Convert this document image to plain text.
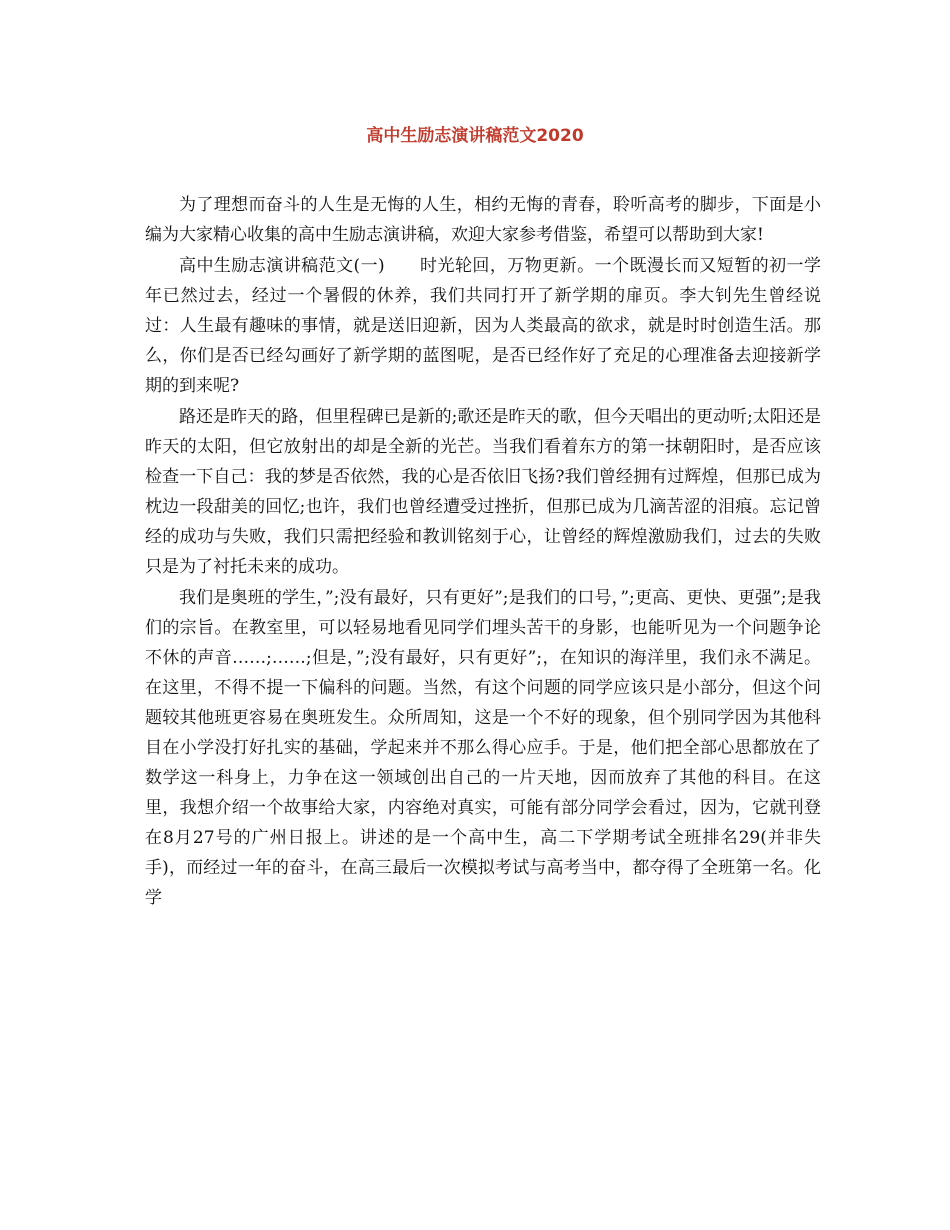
高中生励志演讲稿范文2020

为了理想而奋斗的人生是无悔的人生，相约无悔的青春，聆听高考的脚步，下面是小编为大家精心收集的高中生励志演讲稿，欢迎大家参考借鉴，希望可以帮助到大家!

高中生励志演讲稿范文(一)　　时光轮回，万物更新。一个既漫长而又短暂的初一学年已然过去，经过一个暑假的休养，我们共同打开了新学期的扉页。李大钊先生曾经说过：人生最有趣味的事情，就是送旧迎新，因为人类最高的欲求，就是时时创造生活。那么，你们是否已经勾画好了新学期的蓝图呢，是否已经作好了充足的心理准备去迎接新学期的到来呢?

路还是昨天的路，但里程碑已是新的;歌还是昨天的歌，但今天唱出的更动听;太阳还是昨天的太阳，但它放射出的却是全新的光芒。当我们看着东方的第一抹朝阳时，是否应该检查一下自己：我的梦是否依然，我的心是否依旧飞扬?我们曾经拥有过辉煌，但那已成为枕边一段甜美的回忆;也许，我们也曾经遭受过挫折，但那已成为几滴苦涩的泪痕。忘记曾经的成功与失败，我们只需把经验和教训铭刻于心，让曾经的辉煌激励我们，过去的失败只是为了衬托未来的成功。

我们是奥班的学生，”;没有最好，只有更好”;是我们的口号，”;更高、更快、更强”;是我们的宗旨。在教室里，可以轻易地看见同学们埋头苦干的身影，也能听见为一个问题争论不休的声音……;……;但是，”;没有最好，只有更好”;，在知识的海洋里，我们永不满足。在这里，不得不提一下偏科的问题。当然，有这个问题的同学应该只是小部分，但这个问题较其他班更容易在奥班发生。众所周知，这是一个不好的现象，但个别同学因为其他科目在小学没打好扎实的基础，学起来并不那么得心应手。于是，他们把全部心思都放在了数学这一科身上，力争在这一领域创出自己的一片天地，因而放弃了其他的科目。在这里，我想介绍一个故事给大家，内容绝对真实，可能有部分同学会看过，因为，它就刊登在8月27号的广州日报上。讲述的是一个高中生，高二下学期考试全班排名29(并非失手)，而经过一年的奋斗，在高三最后一次模拟考试与高考当中，都夺得了全班第一名。化学
